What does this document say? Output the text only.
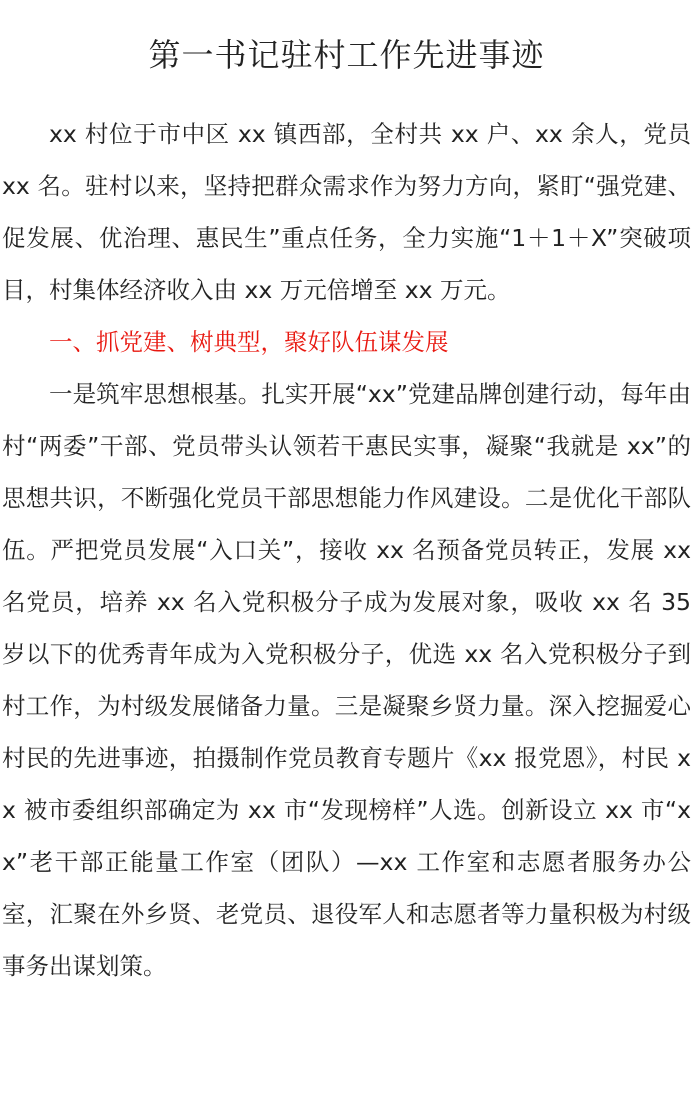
第一书记驻村工作先进事迹

xx 村位于市中区 xx 镇西部，全村共 xx 户、xx 余人，党员 xx 名。驻村以来，坚持把群众需求作为努力方向，紧盯“强党建、促发展、优治理、惠民生”重点任务，全力实施“1＋1＋X”突破项目，村集体经济收入由 xx 万元倍增至 xx 万元。

一、抓党建、树典型，聚好队伍谋发展

一是筑牢思想根基。扎实开展“xx”党建品牌创建行动，每年由村“两委”干部、党员带头认领若干惠民实事，凝聚“我就是 xx”的思想共识，不断强化党员干部思想能力作风建设。二是优化干部队伍。严把党员发展“入口关”，接收 xx 名预备党员转正，发展 xx 名党员，培养 xx 名入党积极分子成为发展对象，吸收 xx 名 35 岁以下的优秀青年成为入党积极分子，优选 xx 名入党积极分子到村工作，为村级发展储备力量。三是凝聚乡贤力量。深入挖掘爱心村民的先进事迹，拍摄制作党员教育专题片《xx 报党恩》，村民 xx 被市委组织部确定为 xx 市“发现榜样”人选。创新设立 xx 市“xx”老干部正能量工作室（团队）—xx 工作室和志愿者服务办公室，汇聚在外乡贤、老党员、退役军人和志愿者等力量积极为村级事务出谋划策。
